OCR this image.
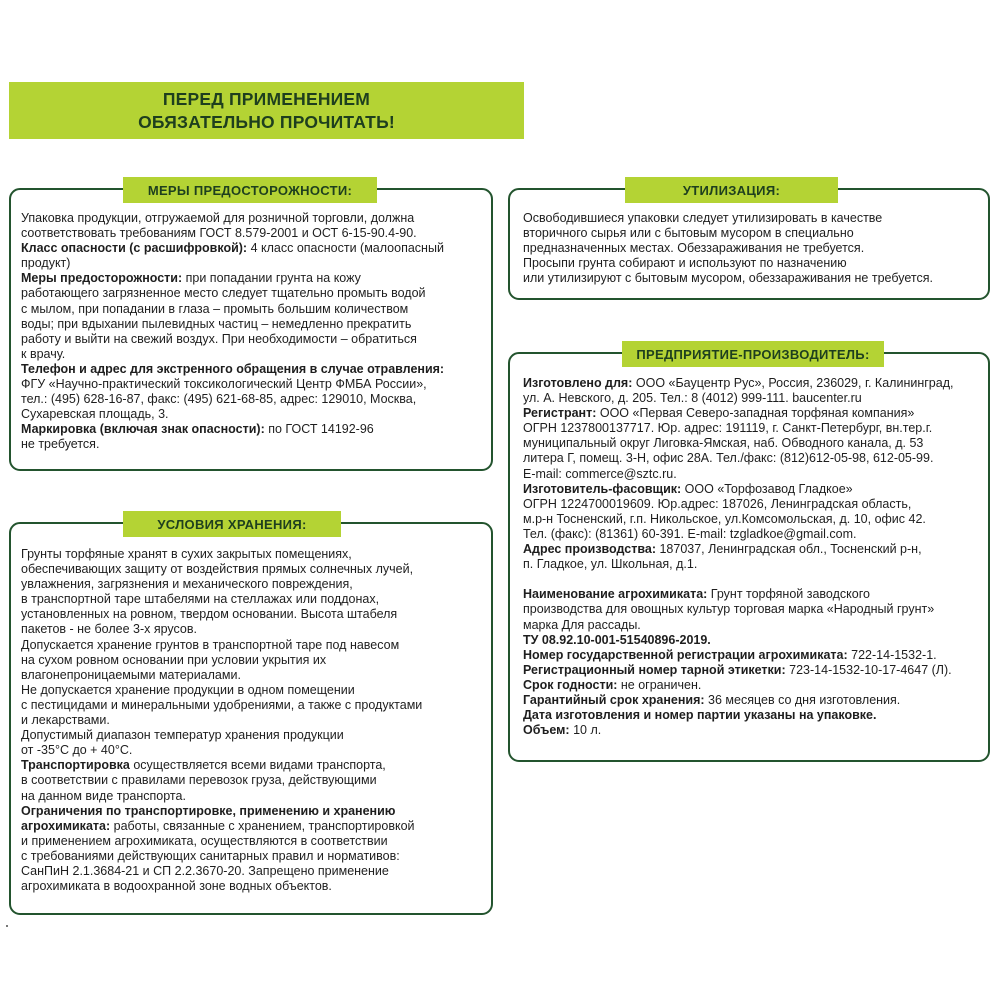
ПЕРЕД ПРИМЕНЕНИЕМ
ОБЯЗАТЕЛЬНО ПРОЧИТАТЬ!
МЕРЫ ПРЕДОСТОРОЖНОСТИ:
Упаковка продукции, отгружаемой для розничной торговли, должна
соответствовать требованиям ГОСТ 8.579-2001 и ОСТ 6-15-90.4-90.
Класс опасности (с расшифровкой): 4 класс опасности (малоопасный
продукт)
Меры предосторожности: при попадании грунта на кожу
работающего загрязненное место следует тщательно промыть водой
с мылом, при попадании в глаза – промыть большим количеством
воды; при вдыхании пылевидных частиц – немедленно прекратить
работу и выйти на свежий воздух. При необходимости – обратиться
к врачу.
Телефон и адрес для экстренного обращения в случае отравления:
ФГУ «Научно-практический токсикологический Центр ФМБА России»,
тел.: (495) 628-16-87, факс: (495) 621-68-85, адрес: 129010, Москва,
Сухаревская площадь, 3.
Маркировка (включая знак опасности): по ГОСТ 14192-96
не требуется.
УСЛОВИЯ ХРАНЕНИЯ:
Грунты торфяные хранят в сухих закрытых помещениях,
обеспечивающих защиту от воздействия прямых солнечных лучей,
увлажнения, загрязнения и механического повреждения,
в транспортной таре штабелями на стеллажах или поддонах,
установленных на ровном, твердом основании. Высота штабеля
пакетов - не более 3-х ярусов.
Допускается хранение грунтов в транспортной таре под навесом
на сухом ровном основании при условии укрытия их
влагонепроницаемыми материалами.
Не допускается хранение продукции в одном помещении
с пестицидами и минеральными удобрениями, а также с продуктами
и лекарствами.
Допустимый диапазон температур хранения продукции
от -35°С до + 40°С.
Транспортировка осуществляется всеми видами транспорта,
в соответствии с правилами перевозок груза, действующими
на данном виде транспорта.
Ограничения по транспортировке, применению и хранению
агрохимиката: работы, связанные с хранением, транспортировкой
и применением агрохимиката, осуществляются в соответствии
с требованиями действующих санитарных правил и нормативов:
СанПиН 2.1.3684-21 и СП 2.2.3670-20. Запрещено применение
агрохимиката в водоохранной зоне водных объектов.
УТИЛИЗАЦИЯ:
Освободившиеся упаковки следует утилизировать в качестве
вторичного сырья или с бытовым мусором в специально
предназначенных местах. Обеззараживания не требуется.
Просыпи грунта собирают и используют по назначению
или утилизируют с бытовым мусором, обеззараживания не требуется.
ПРЕДПРИЯТИЕ-ПРОИЗВОДИТЕЛЬ:
Изготовлено для: ООО «Бауцентр Рус», Россия, 236029, г. Калининград,
ул. А. Невского, д. 205. Тел.: 8 (4012) 999-111. baucenter.ru
Регистрант: ООО «Первая Северо-западная торфяная компания»
ОГРН 1237800137717. Юр. адрес: 191119, г. Санкт-Петербург, вн.тер.г.
муниципальный округ Лиговка-Ямская, наб. Обводного канала, д. 53
литера Г, помещ. 3-Н, офис 28А. Тел./факс: (812)612-05-98, 612-05-99.
E-mail: commerce@sztc.ru.
Изготовитель-фасовщик: ООО «Торфозавод Гладкое»
ОГРН 1224700019609. Юр.адрес: 187026, Ленинградская область,
м.р-н Тосненский, г.п. Никольское, ул.Комсомольская, д. 10, офис 42.
Тел. (факс): (81361) 60-391. E-mail: tzgladkoe@gmail.com.
Адрес производства: 187037, Ленинградская обл., Тосненский р-н,
п. Гладкое, ул. Школьная, д.1.

Наименование агрохимиката: Грунт торфяной заводского
производства для овощных культур торговая марка «Народный грунт»
марка Для рассады.
ТУ 08.92.10-001-51540896-2019.
Номер государственной регистрации агрохимиката: 722-14-1532-1.
Регистрационный номер тарной этикетки: 723-14-1532-10-17-4647 (Л).
Срок годности: не ограничен.
Гарантийный срок хранения: 36 месяцев со дня изготовления.
Дата изготовления и номер партии указаны на упаковке.
Объем: 10 л.
